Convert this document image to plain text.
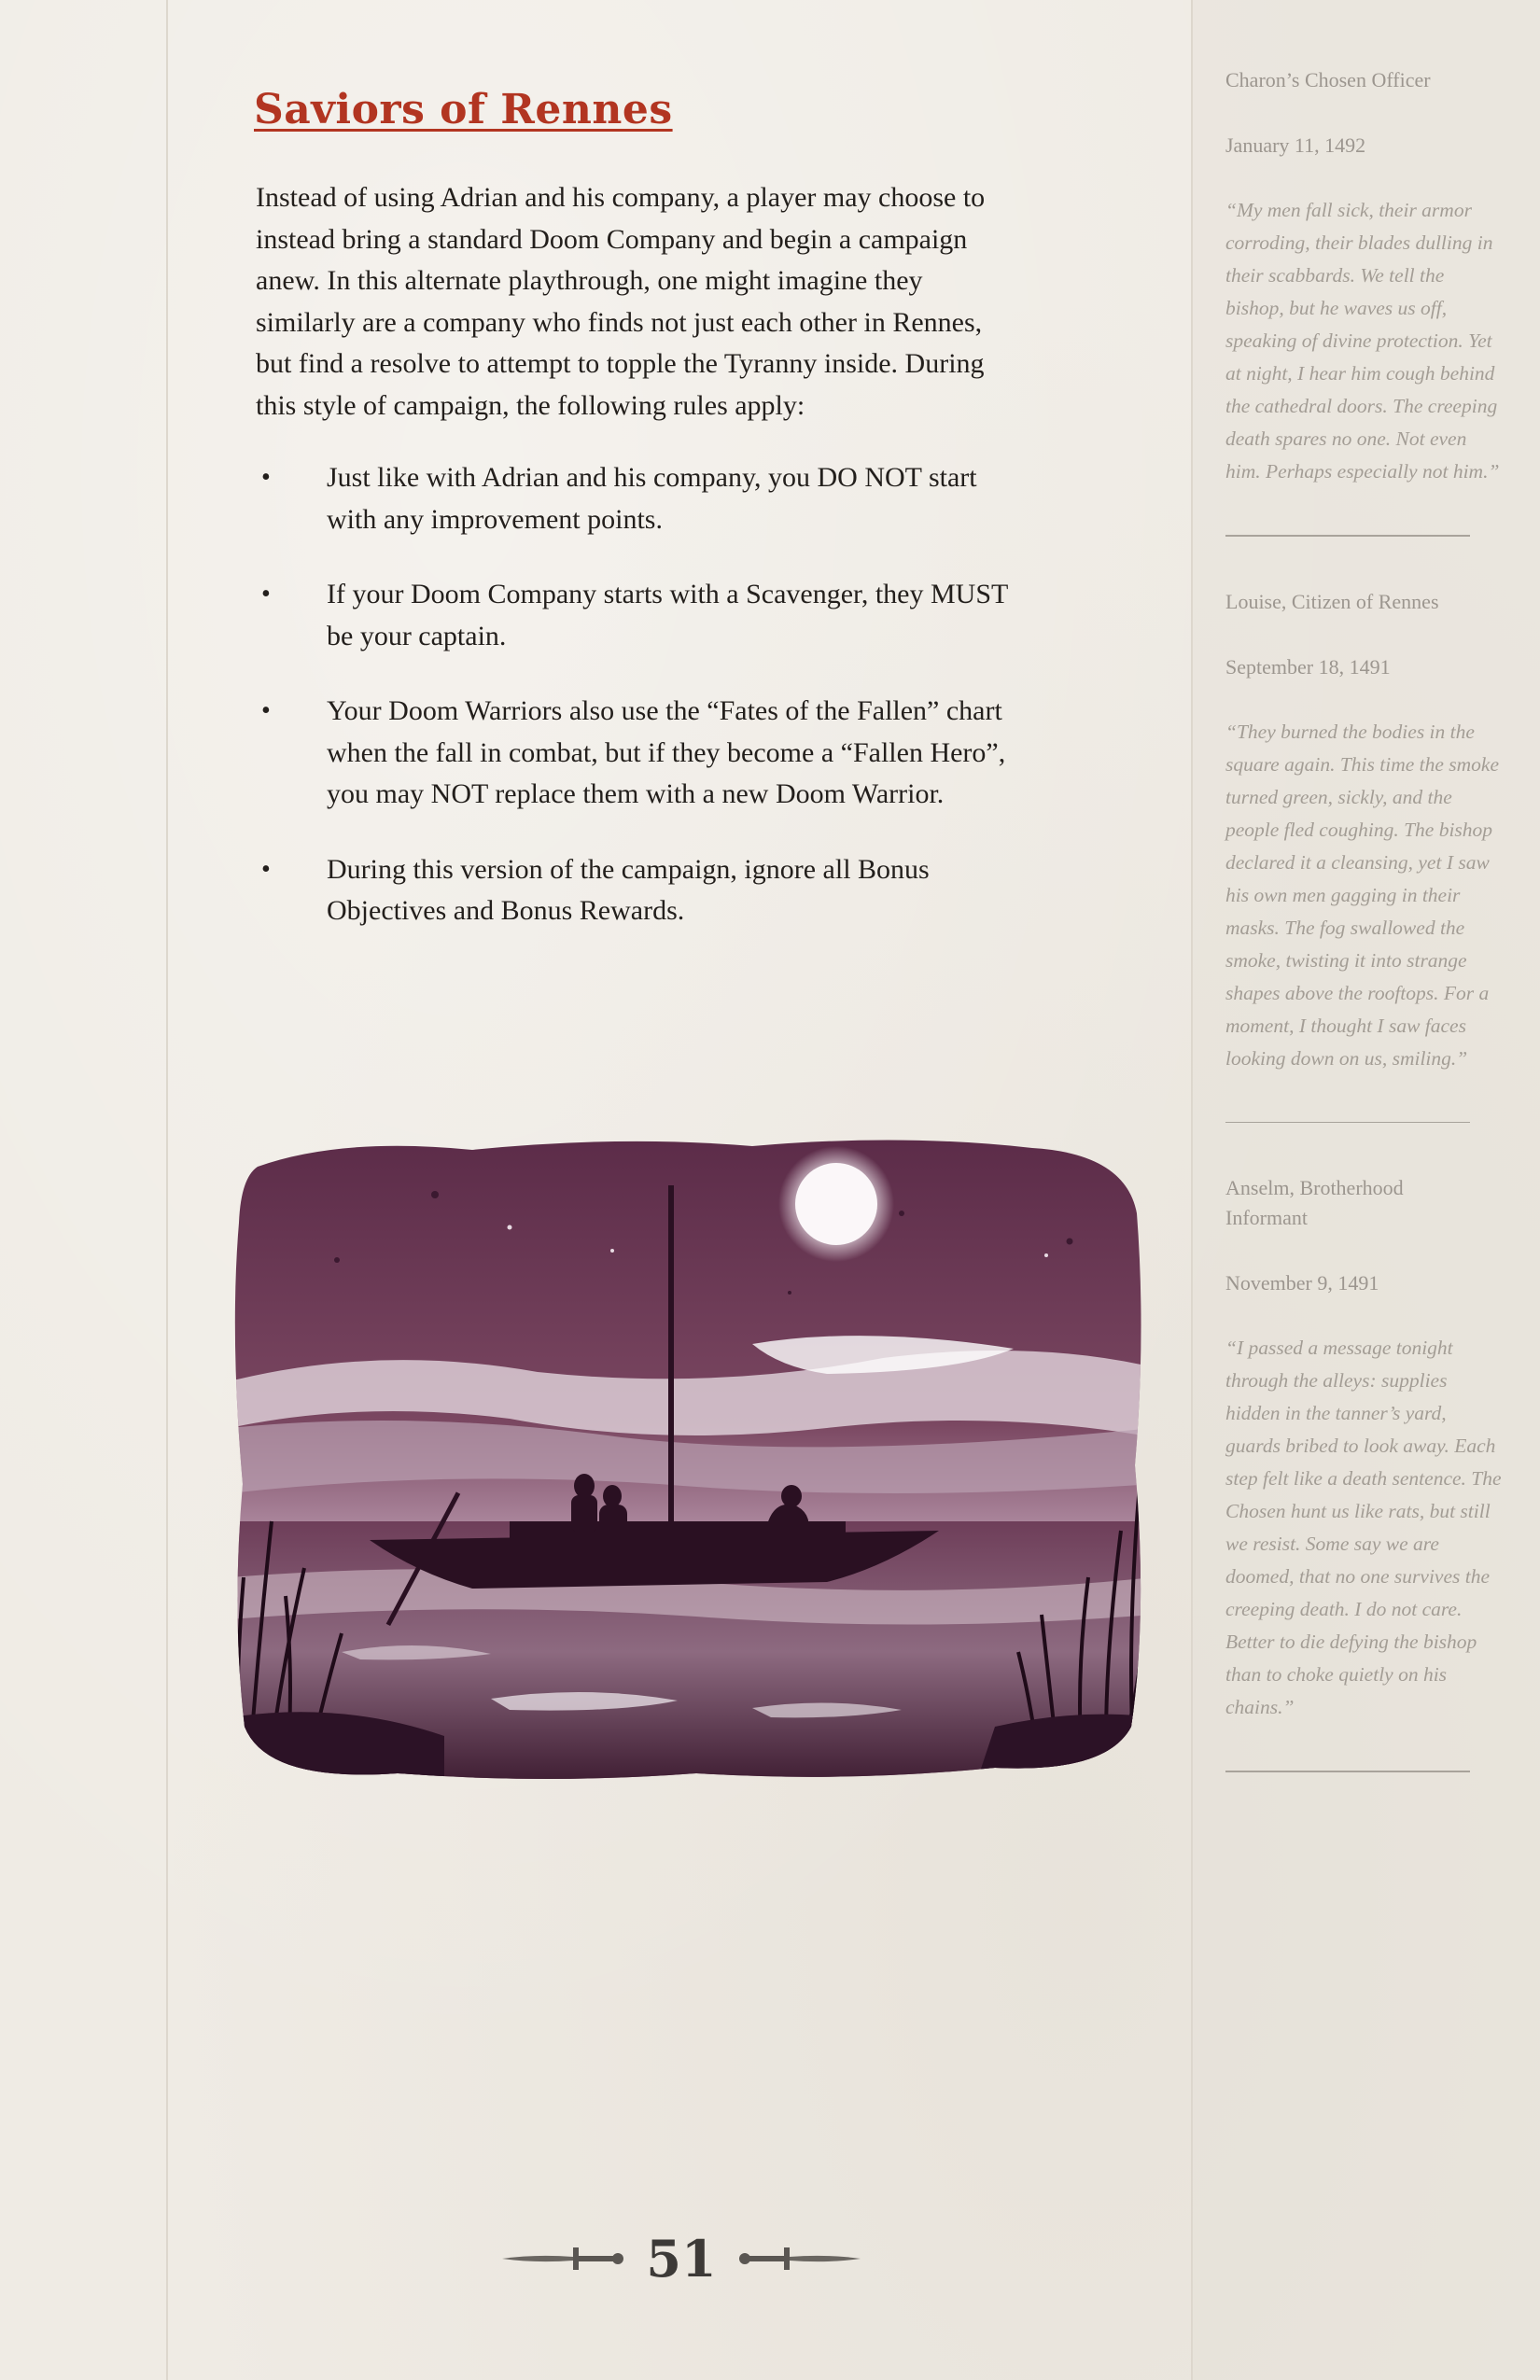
Saviors of Rennes

Instead of using Adrian and his company, a player may choose to instead bring a standard Doom Company and begin a campaign anew. In this alternate playthrough, one might imagine they similarly are a company who finds not just each other in Rennes, but find a resolve to attempt to topple the Tyranny inside. During this style of campaign, the following rules apply:

• Just like with Adrian and his company, you DO NOT start with any improvement points.
• If your Doom Company starts with a Scavenger, they MUST be your captain.
• Your Doom Warriors also use the “Fates of the Fallen” chart when the fall in combat, but if they become a “Fallen Hero”, you may NOT replace them with a new Doom Warrior.
• During this version of the campaign, ignore all Bonus Objectives and Bonus Rewards.
51

Charon’s Chosen Officer

January 11, 1492

“My men fall sick, their armor corroding, their blades dulling in their scabbards. We tell the bishop, but he waves us off, speaking of divine protection. Yet at night, I hear him cough behind the cathedral doors. The creeping death spares no one. Not even him. Perhaps especially not him.”

Louise, Citizen of Rennes

September 18, 1491

“They burned the bodies in the square again. This time the smoke turned green, sickly, and the people fled coughing. The bishop declared it a cleansing, yet I saw his own men gagging in their masks. The fog swallowed the smoke, twisting it into strange shapes above the rooftops. For a moment, I thought I saw faces looking down on us, smiling.”

Anselm, Brotherhood Informant

November 9, 1491

“I passed a message tonight through the alleys: supplies hidden in the tanner’s yard, guards bribed to look away. Each step felt like a death sentence. The Chosen hunt us like rats, but still we resist. Some say we are doomed, that no one survives the creeping death. I do not care. Better to die defying the bishop than to choke quietly on his chains.”
